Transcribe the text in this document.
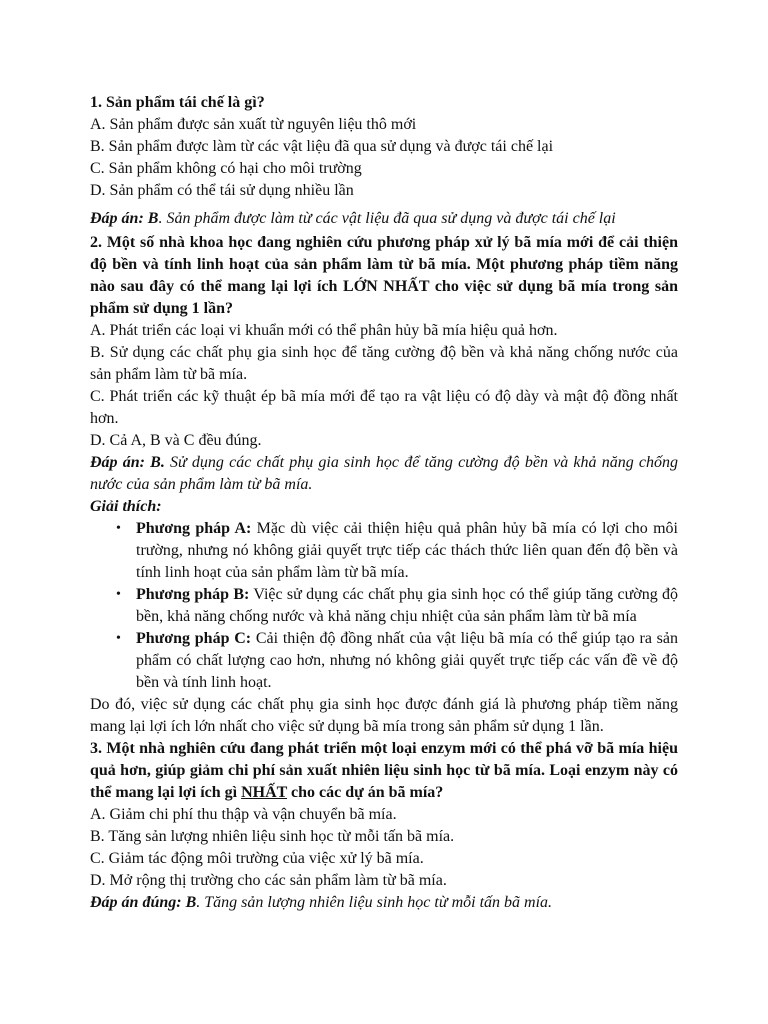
1. Sản phẩm tái chế là gì?

A. Sản phẩm được sản xuất từ nguyên liệu thô mới

B. Sản phẩm được làm từ các vật liệu đã qua sử dụng và được tái chế lại

C. Sản phẩm không có hại cho môi trường

D. Sản phẩm có thể tái sử dụng nhiều lần

Đáp án: B. Sản phẩm được làm từ các vật liệu đã qua sử dụng và được tái chế lại

2. Một số nhà khoa học đang nghiên cứu phương pháp xử lý bã mía mới để cải thiện độ bền và tính linh hoạt của sản phẩm làm từ bã mía. Một phương pháp tiềm năng nào sau đây có thể mang lại lợi ích LỚN NHẤT cho việc sử dụng bã mía trong sản phẩm sử dụng 1 lần?

A. Phát triển các loại vi khuẩn mới có thể phân hủy bã mía hiệu quả hơn.

B. Sử dụng các chất phụ gia sinh học để tăng cường độ bền và khả năng chống nước của sản phẩm làm từ bã mía.

C. Phát triển các kỹ thuật ép bã mía mới để tạo ra vật liệu có độ dày và mật độ đồng nhất hơn.

D. Cả A, B và C đều đúng.

Đáp án: B. Sử dụng các chất phụ gia sinh học để tăng cường độ bền và khả năng chống nước của sản phẩm làm từ bã mía.

Giải thích:

• Phương pháp A: Mặc dù việc cải thiện hiệu quả phân hủy bã mía có lợi cho môi trường, nhưng nó không giải quyết trực tiếp các thách thức liên quan đến độ bền và tính linh hoạt của sản phẩm làm từ bã mía.
• Phương pháp B: Việc sử dụng các chất phụ gia sinh học có thể giúp tăng cường độ bền, khả năng chống nước và khả năng chịu nhiệt của sản phẩm làm từ bã mía
• Phương pháp C: Cải thiện độ đồng nhất của vật liệu bã mía có thể giúp tạo ra sản phẩm có chất lượng cao hơn, nhưng nó không giải quyết trực tiếp các vấn đề về độ bền và tính linh hoạt.

Do đó, việc sử dụng các chất phụ gia sinh học được đánh giá là phương pháp tiềm năng mang lại lợi ích lớn nhất cho việc sử dụng bã mía trong sản phẩm sử dụng 1 lần.

3. Một nhà nghiên cứu đang phát triển một loại enzym mới có thể phá vỡ bã mía hiệu quả hơn, giúp giảm chi phí sản xuất nhiên liệu sinh học từ bã mía. Loại enzym này có thể mang lại lợi ích gì NHẤT cho các dự án bã mía?

A. Giảm chi phí thu thập và vận chuyển bã mía.

B. Tăng sản lượng nhiên liệu sinh học từ mỗi tấn bã mía.

C. Giảm tác động môi trường của việc xử lý bã mía.

D. Mở rộng thị trường cho các sản phẩm làm từ bã mía.

Đáp án đúng: B. Tăng sản lượng nhiên liệu sinh học từ mỗi tấn bã mía.
